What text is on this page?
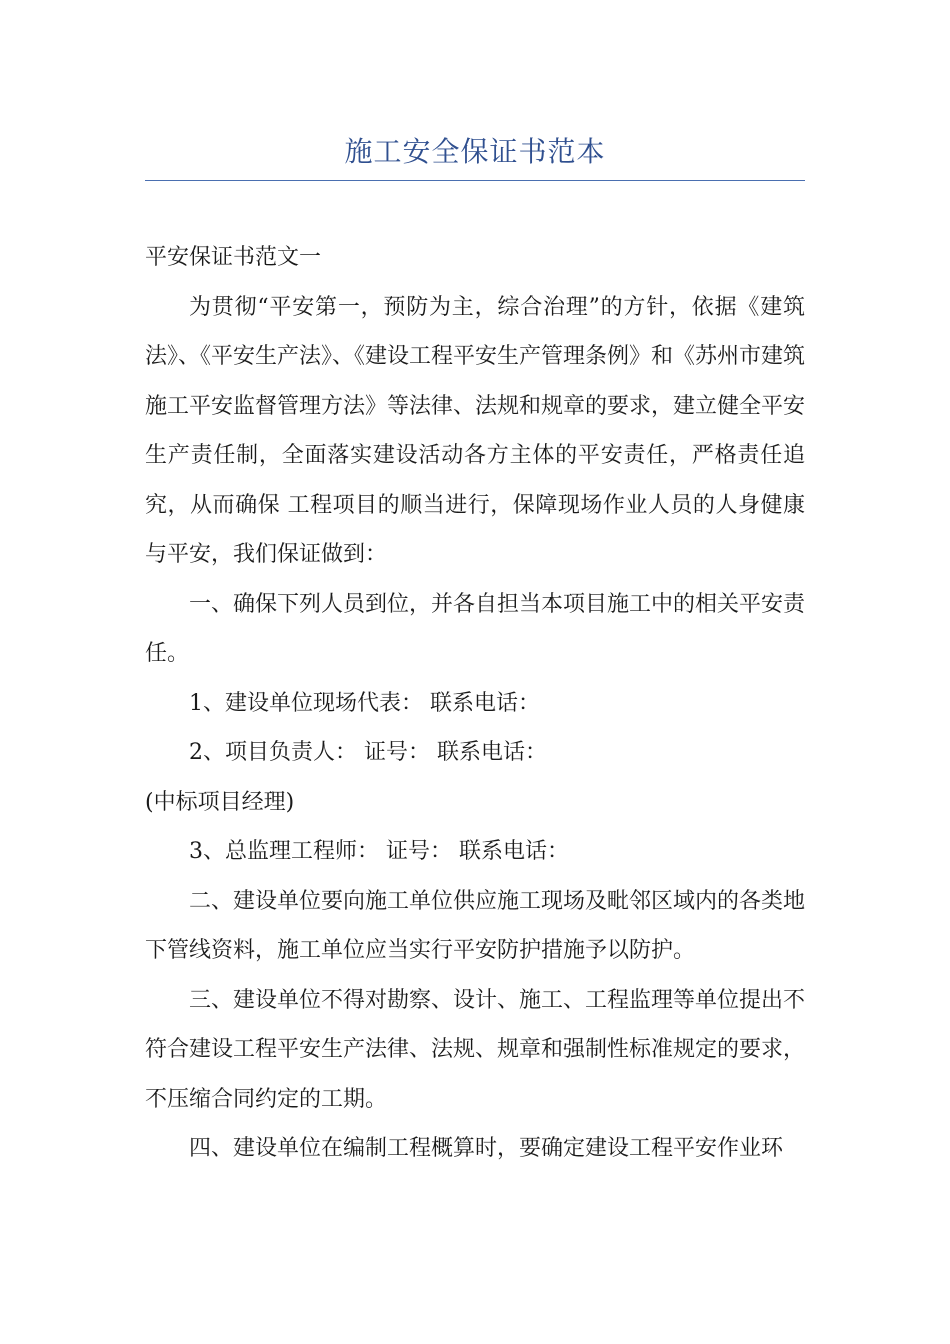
施工安全保证书范本

平安保证书范文一

为贯彻“平安第一，预防为主，综合治理”的方针，依据《建筑法》、《平安生产法》、《建设工程平安生产管理条例》和《苏州市建筑施工平安监督管理方法》等法律、法规和规章的要求，建立健全平安生产责任制，全面落实建设活动各方主体的平安责任，严格责任追究，从而确保 工程项目的顺当进行，保障现场作业人员的人身健康与平安，我们保证做到：

一、确保下列人员到位，并各自担当本项目施工中的相关平安责任。

1、建设单位现场代表： 联系电话：

2、项目负责人： 证号： 联系电话：

(中标项目经理)

3、总监理工程师： 证号： 联系电话：

二、建设单位要向施工单位供应施工现场及毗邻区域内的各类地下管线资料，施工单位应当实行平安防护措施予以防护。

三、建设单位不得对勘察、设计、施工、工程监理等单位提出不符合建设工程平安生产法律、法规、规章和强制性标准规定的要求，不压缩合同约定的工期。

四、建设单位在编制工程概算时，要确定建设工程平安作业环
